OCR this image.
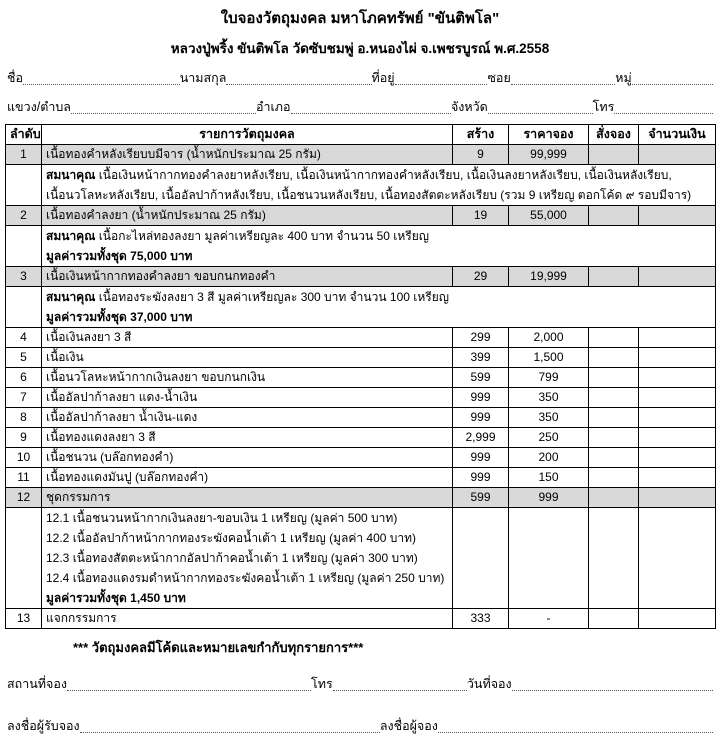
ใบจองวัตถุมงคล มหาโภคทรัพย์ "ขันติพโล"
หลวงปู่พริ้ง ขันติพโล วัดซับชมพู่ อ.หนองไผ่ จ.เพชรบูรณ์ พ.ศ.2558
ชื่อ	นามสกุล	ที่อยู่	ซอย	หมู่
แขวง/ตำบล	อำเภอ	จังหวัด	โทร
ลำดับ	รายการวัตถุมงคล	สร้าง	ราคาจอง	สั่งจอง	จำนวนเงิน
1	เนื้อทองคำหลังเรียบบมีจาร (น้ำหนักประมาณ 25 กรัม)	9	99,999		

	สมนาคุณ เนื้อเงินหน้ากากทองคำลงยาหลังเรียบ, เนื้อเงินหน้ากากทองคำหลังเรียบ, เนื้อเงินลงยาหลังเรียบ, เนื้อเงินหลังเรียบ,
เนื้อนวโลหะหลังเรียบ, เนื้ออัลปาก้าหลังเรียบ, เนื้อชนวนหลังเรียบ, เนื้อทองสัตตะหลังเรียบ (รวม 9 เหรียญ ตอกโค้ด ๙ รอบมีจาร)				

2	เนื้อทองคำลงยา (น้ำหนักประมาณ 25 กรัม)	19	55,000		

	สมนาคุณ เนื้อกะไหล่ทองลงยา มูลค่าเหรียญละ 400 บาท จำนวน 50 เหรียญ
มูลค่ารวมทั้งชุด 75,000 บาท				

3	เนื้อเงินหน้ากากทองคำลงยา ขอบกนกทองคำ	29	19,999		

	สมนาคุณ เนื้อทองระฆังลงยา 3 สี มูลค่าเหรียญละ 300 บาท จำนวน 100 เหรียญ
มูลค่ารวมทั้งชุด 37,000 บาท				

4	เนื้อเงินลงยา 3 สี	299	2,000		
5	เนื้อเงิน	399	1,500		
6	เนื้อนวโลหะหน้ากากเงินลงยา ขอบกนกเงิน	599	799		
7	เนื้ออัลปาก้าลงยา แดง-น้ำเงิน	999	350		
8	เนื้ออัลปาก้าลงยา น้ำเงิน-แดง	999	350		
9	เนื้อทองแดงลงยา 3 สี	2,999	250		
10	เนื้อชนวน (บล๊อกทองคำ)	999	200		
11	เนื้อทองแดงมันปู (บล๊อกทองคำ)	999	150		
12	ชุดกรรมการ	599	999		

	12.1 เนื้อชนวนหน้ากากเงินลงยา-ขอบเงิน 1 เหรียญ (มูลค่า 500 บาท)
12.2 เนื้ออัลปาก้าหน้ากากทองระฆังคอน้ำเต้า 1 เหรียญ (มูลค่า 400 บาท)
12.3 เนื้อทองสัตตะหน้ากากอัลปาก้าคอน้ำเต้า 1 เหรียญ (มูลค่า 300 บาท)
12.4 เนื้อทองแดงรมดำหน้ากากทองระฆังคอน้ำเต้า 1 เหรียญ (มูลค่า 250 บาท)
มูลค่ารวมทั้งชุด 1,450 บาท				

13	แจกกรรมการ	333	-		
*** วัตถุมงคลมีโค้ดและหมายเลขกำกับทุกรายการ***
สถานที่จอง	โทร	วันที่จอง
ลงชื่อผู้รับจอง	ลงชื่อผู้จอง
